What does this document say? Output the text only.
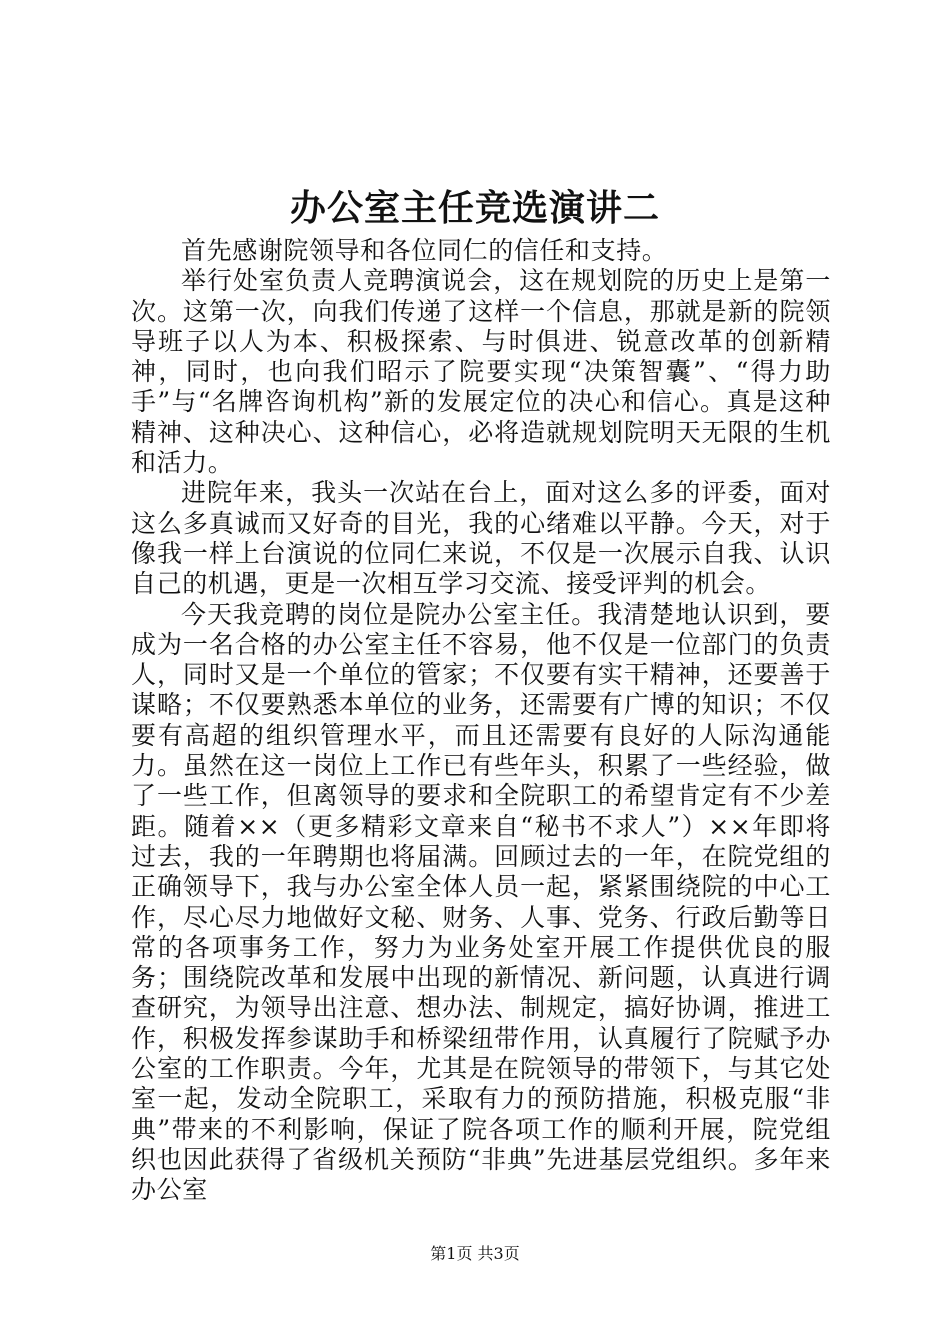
办公室主任竞选演讲二

首先感谢院领导和各位同仁的信任和支持。

举行处室负责人竞聘演说会，这在规划院的历史上是第一次。这第一次，向我们传递了这样一个信息，那就是新的院领导班子以人为本、积极探索、与时俱进、锐意改革的创新精神，同时，也向我们昭示了院要实现“决策智囊”、“得力助手”与“名牌咨询机构”新的发展定位的决心和信心。真是这种精神、这种决心、这种信心，必将造就规划院明天无限的生机和活力。

进院年来，我头一次站在台上，面对这么多的评委，面对这么多真诚而又好奇的目光，我的心绪难以平静。今天，对于像我一样上台演说的位同仁来说，不仅是一次展示自我、认识自己的机遇，更是一次相互学习交流、接受评判的机会。

今天我竞聘的岗位是院办公室主任。我清楚地认识到，要成为一名合格的办公室主任不容易，他不仅是一位部门的负责人，同时又是一个单位的管家；不仅要有实干精神，还要善于谋略；不仅要熟悉本单位的业务，还需要有广博的知识；不仅要有高超的组织管理水平，而且还需要有良好的人际沟通能力。虽然在这一岗位上工作已有些年头，积累了一些经验，做了一些工作，但离领导的要求和全院职工的希望肯定有不少差距。随着××（更多精彩文章来自“秘书不求人”）××年即将过去，我的一年聘期也将届满。回顾过去的一年，在院党组的正确领导下，我与办公室全体人员一起，紧紧围绕院的中心工作，尽心尽力地做好文秘、财务、人事、党务、行政后勤等日常的各项事务工作，努力为业务处室开展工作提供优良的服务；围绕院改革和发展中出现的新情况、新问题，认真进行调查研究，为领导出注意、想办法、制规定，搞好协调，推进工作，积极发挥参谋助手和桥梁纽带作用，认真履行了院赋予办公室的工作职责。今年，尤其是在院领导的带领下，与其它处室一起，发动全院职工，采取有力的预防措施，积极克服“非典”带来的不利影响，保证了院各项工作的顺利开展，院党组织也因此获得了省级机关预防“非典”先进基层党组织。多年来办公室

第1页 共3页
